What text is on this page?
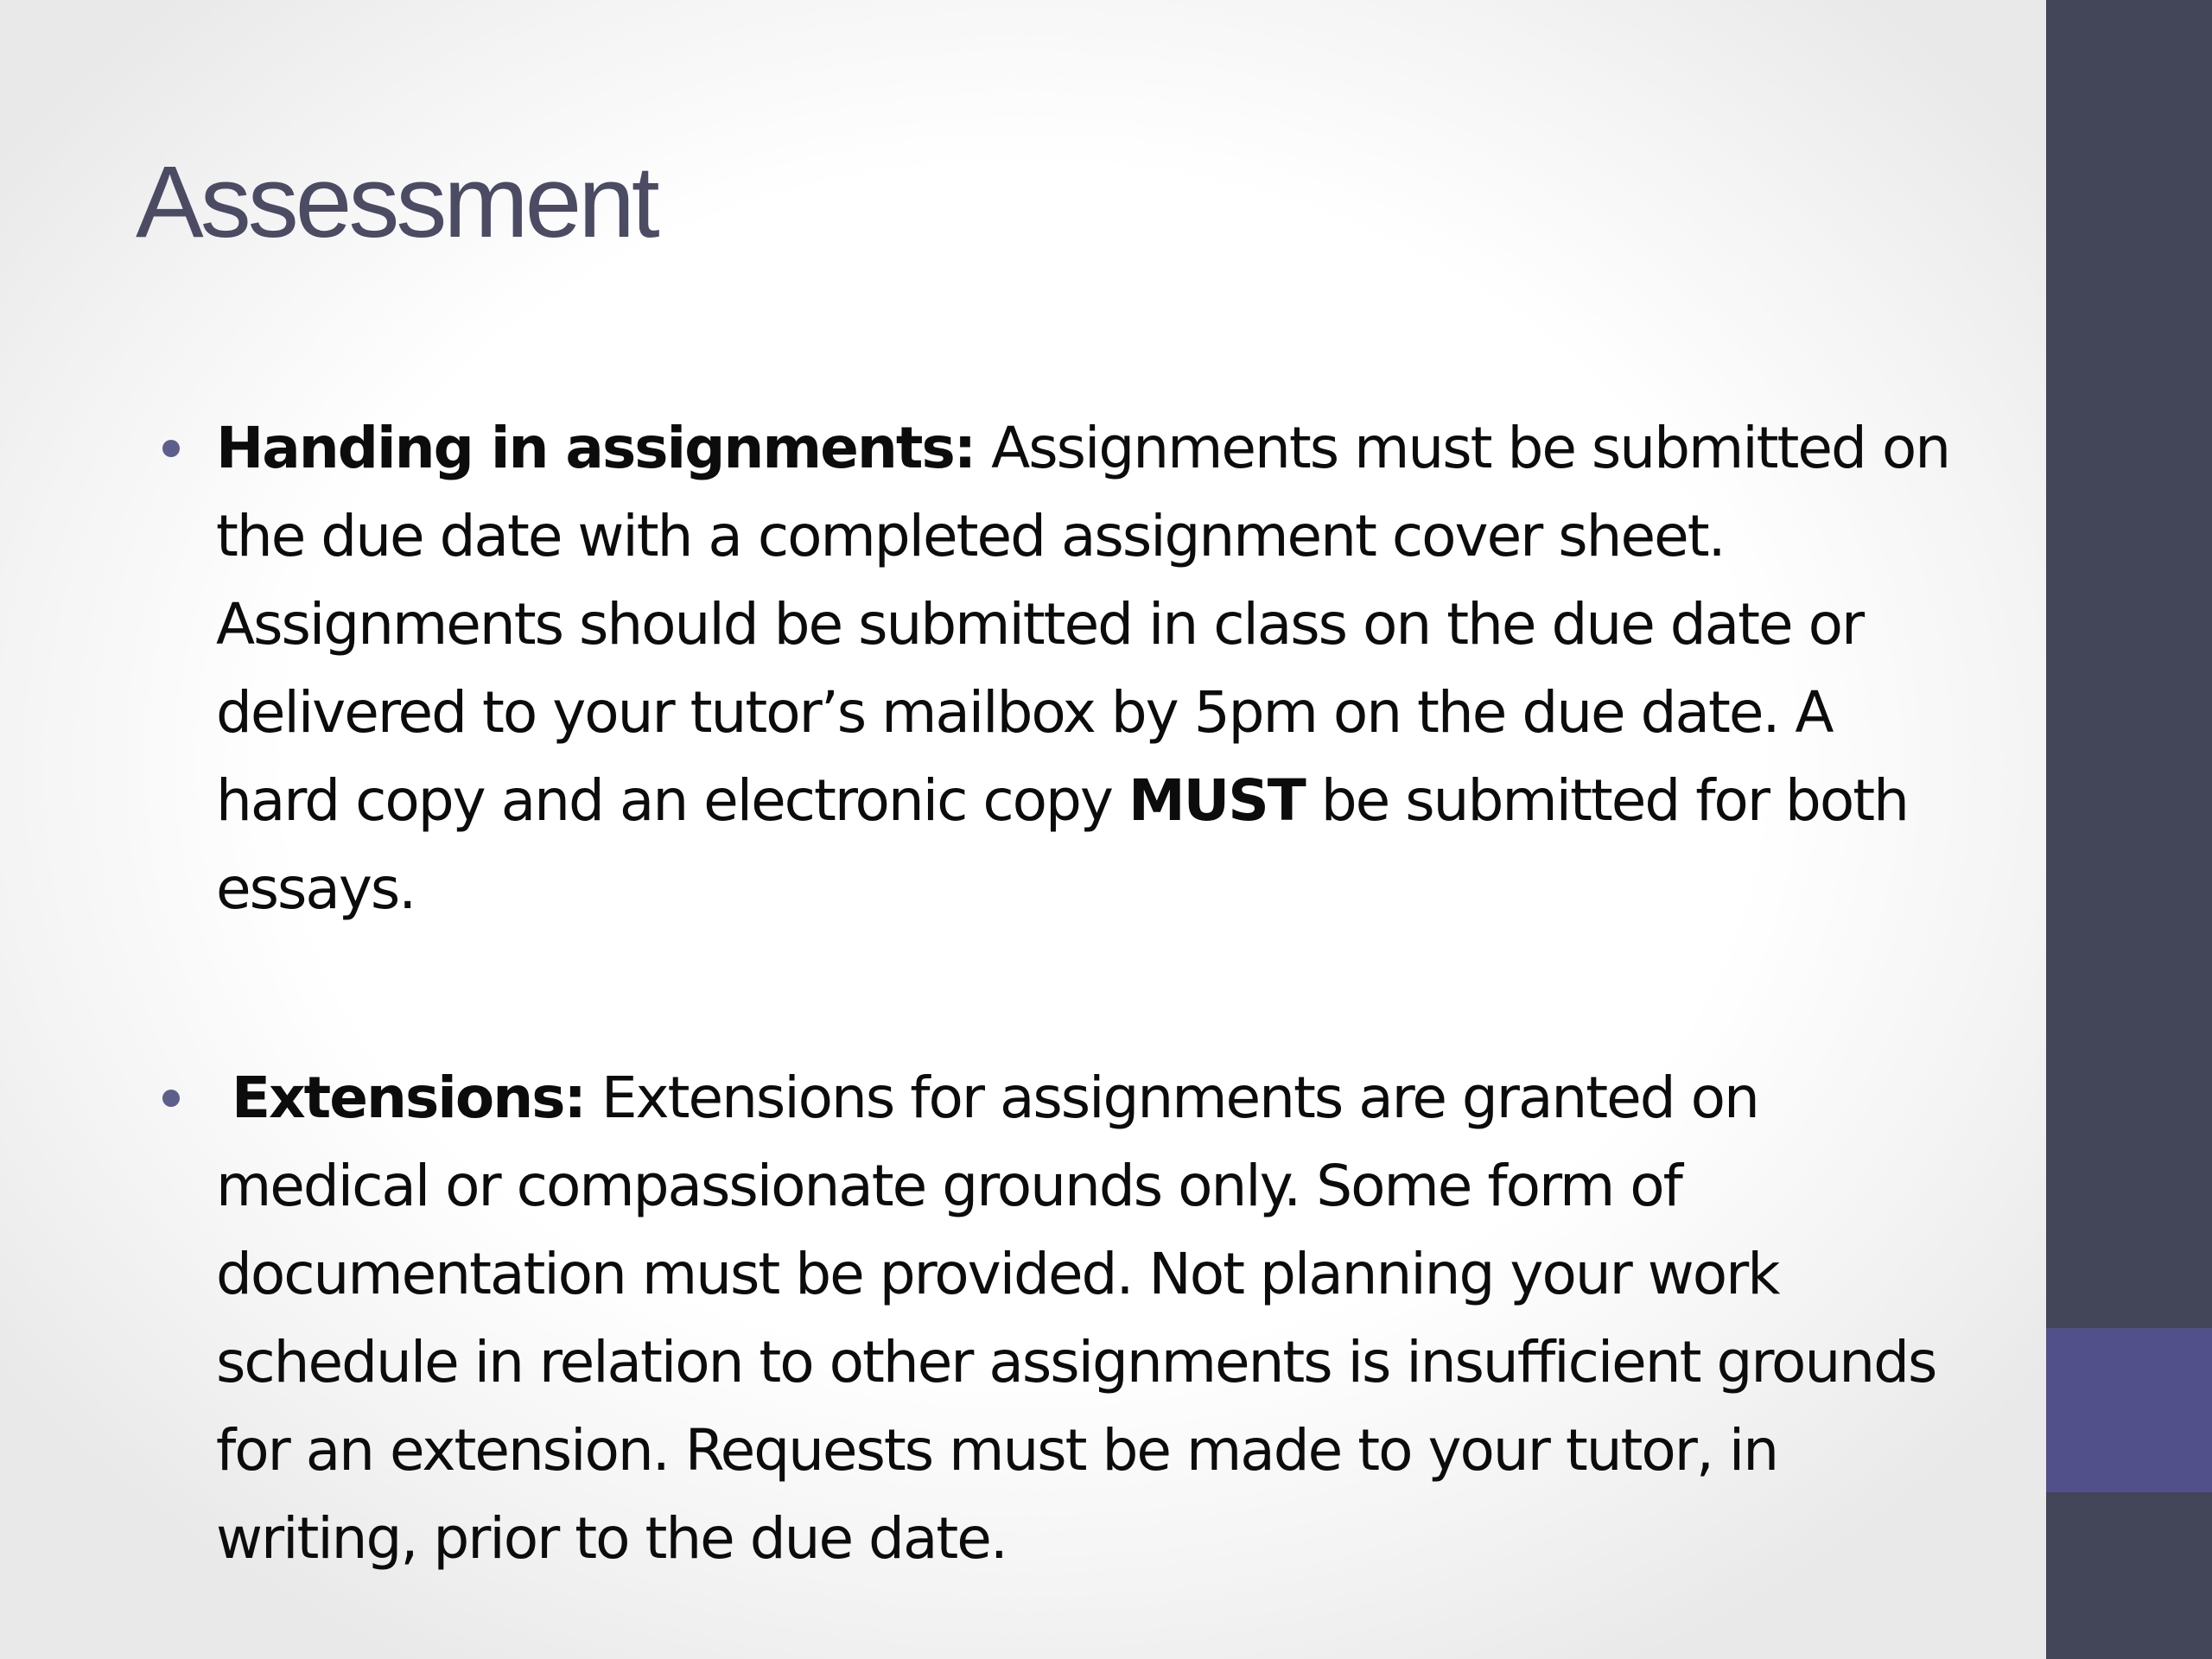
Assessment
Handing in assignments: Assignments must be submitted on the due date with a completed assignment cover sheet. Assignments should be submitted in class on the due date or delivered to your tutor’s mailbox by 5pm on the due date. A hard copy and an electronic copy MUST be submitted for both essays.
Extensions: Extensions for assignments are granted on medical or compassionate grounds only. Some form of documentation must be provided. Not planning your work schedule in relation to other assignments is insufficient grounds for an extension. Requests must be made to your tutor, in writing, prior to the due date.
